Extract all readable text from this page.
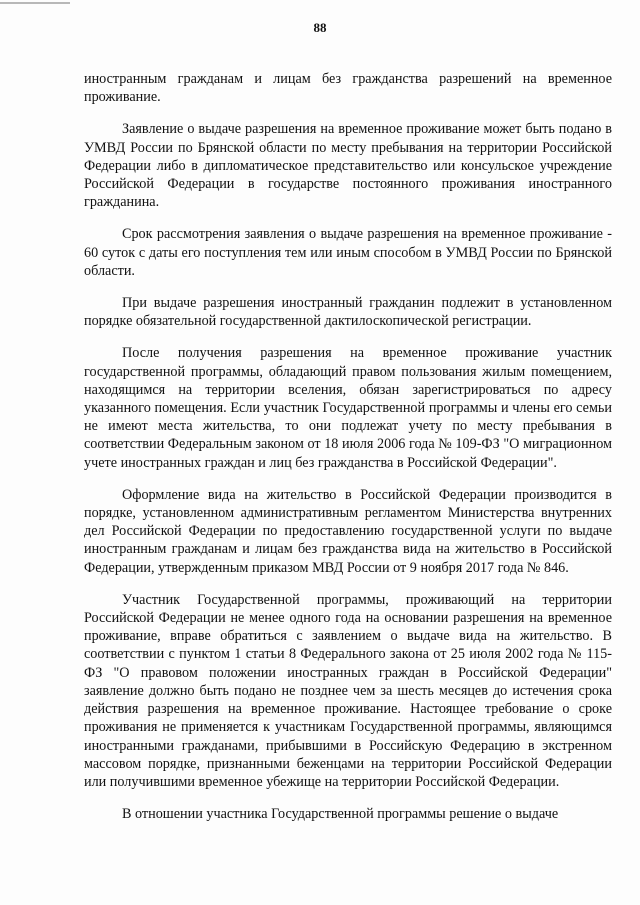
88

иностранным гражданам и лицам без гражданства разрешений на временное проживание.

Заявление о выдаче разрешения на временное проживание может быть подано в УМВД России по Брянской области по месту пребывания на территории Российской Федерации либо в дипломатическое представительство или консульское учреждение Российской Федерации в государстве постоянного проживания иностранного гражданина.

Срок рассмотрения заявления о выдаче разрешения на временное проживание - 60 суток с даты его поступления тем или иным способом в УМВД России по Брянской области.

При выдаче разрешения иностранный гражданин подлежит в установленном порядке обязательной государственной дактилоскопической регистрации.

После получения разрешения на временное проживание участник государственной программы, обладающий правом пользования жилым помещением, находящимся на территории вселения, обязан зарегистрироваться по адресу указанного помещения. Если участник Государственной программы и члены его семьи не имеют места жительства, то они подлежат учету по месту пребывания в соответствии Федеральным законом от 18 июля 2006 года № 109-ФЗ "О миграционном учете иностранных граждан и лиц без гражданства в Российской Федерации".

Оформление вида на жительство в Российской Федерации производится в порядке, установленном административным регламентом Министерства внутренних дел Российской Федерации по предоставлению государственной услуги по выдаче иностранным гражданам и лицам без гражданства вида на жительство в Российской Федерации, утвержденным приказом МВД России от 9 ноября 2017 года № 846.

Участник Государственной программы, проживающий на территории Российской Федерации не менее одного года на основании разрешения на временное проживание, вправе обратиться с заявлением о выдаче вида на жительство. В соответствии с пунктом 1 статьи 8 Федерального закона от 25 июля 2002 года № 115-ФЗ "О правовом положении иностранных граждан в Российской Федерации" заявление должно быть подано не позднее чем за шесть месяцев до истечения срока действия разрешения на временное проживание. Настоящее требование о сроке проживания не применяется к участникам Государственной программы, являющимся иностранными гражданами, прибывшими в Российскую Федерацию в экстренном массовом порядке, признанными беженцами на территории Российской Федерации или получившими временное убежище на территории Российской Федерации.

В отношении участника Государственной программы решение о выдаче
